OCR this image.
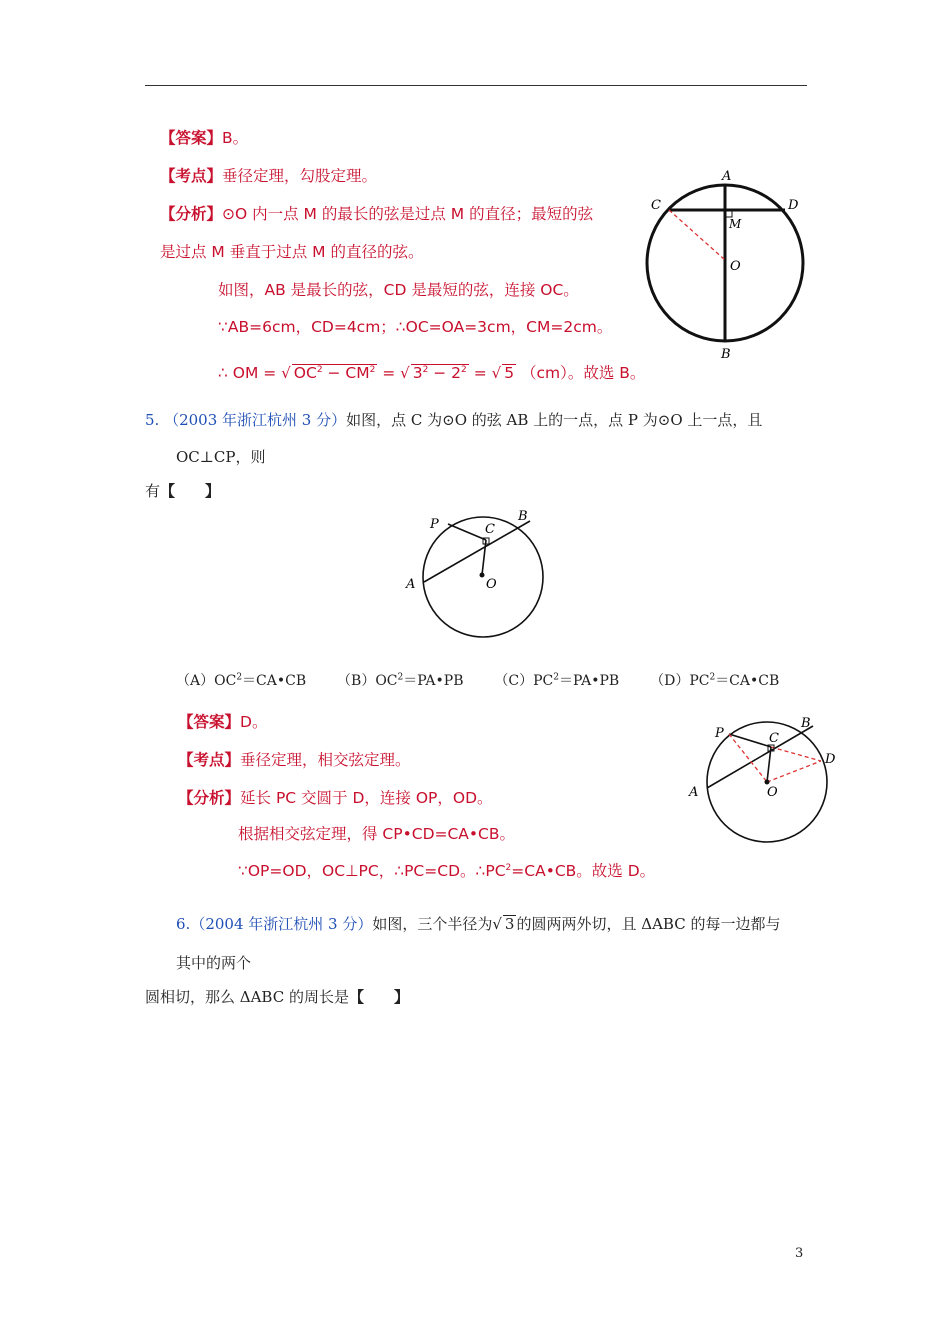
【答案】B。
【考点】垂径定理，勾股定理。
【分析】⊙O 内一点 M 的最长的弦是过点 M 的直径；最短的弦
是过点 M 垂直于过点 M 的直径的弦。
如图，AB 是最长的弦，CD 是最短的弦，连接 OC。
∵AB=6cm，CD=4cm；∴OC=OA=3cm，CM=2cm。
∴ OM = √ $OC^2 - CM^2$ = √ $3^2 - 2^2$ = √ 5 （cm）。故选 B。
A
B
C	D
M
O
5. （2003 年浙江杭州 3 分）如图，点 C 为⊙O 的弦 AB 上的一点，点 P 为⊙O 上一点，且
OC⊥CP，则
有【　　】
P	C
B
A	O
$(A)OC^2=CA•CB$ $(B)OC^2=PA•PB$ $(C)PC^2=PA•PB$ $(D)PC^2=CA•CB$
【答案】D。
【考点】垂径定理，相交弦定理。
【分析】延长 PC 交圆于 D，连接 OP，OD。
根据相交弦定理，得 CP•CD=CA•CB。
∵OP=OD，OC⊥PC，∴PC=CD。$\therefore PC^2=CA•CB$。故选 D。
P	C
B
D
A	O
6.（2004 年浙江杭州 3 分）如图，三个半径为√ 3 的圆两两外切，且 ΔABC 的每一边都与
其中的两个
圆相切，那么 ΔABC 的周长是【　　】
3
